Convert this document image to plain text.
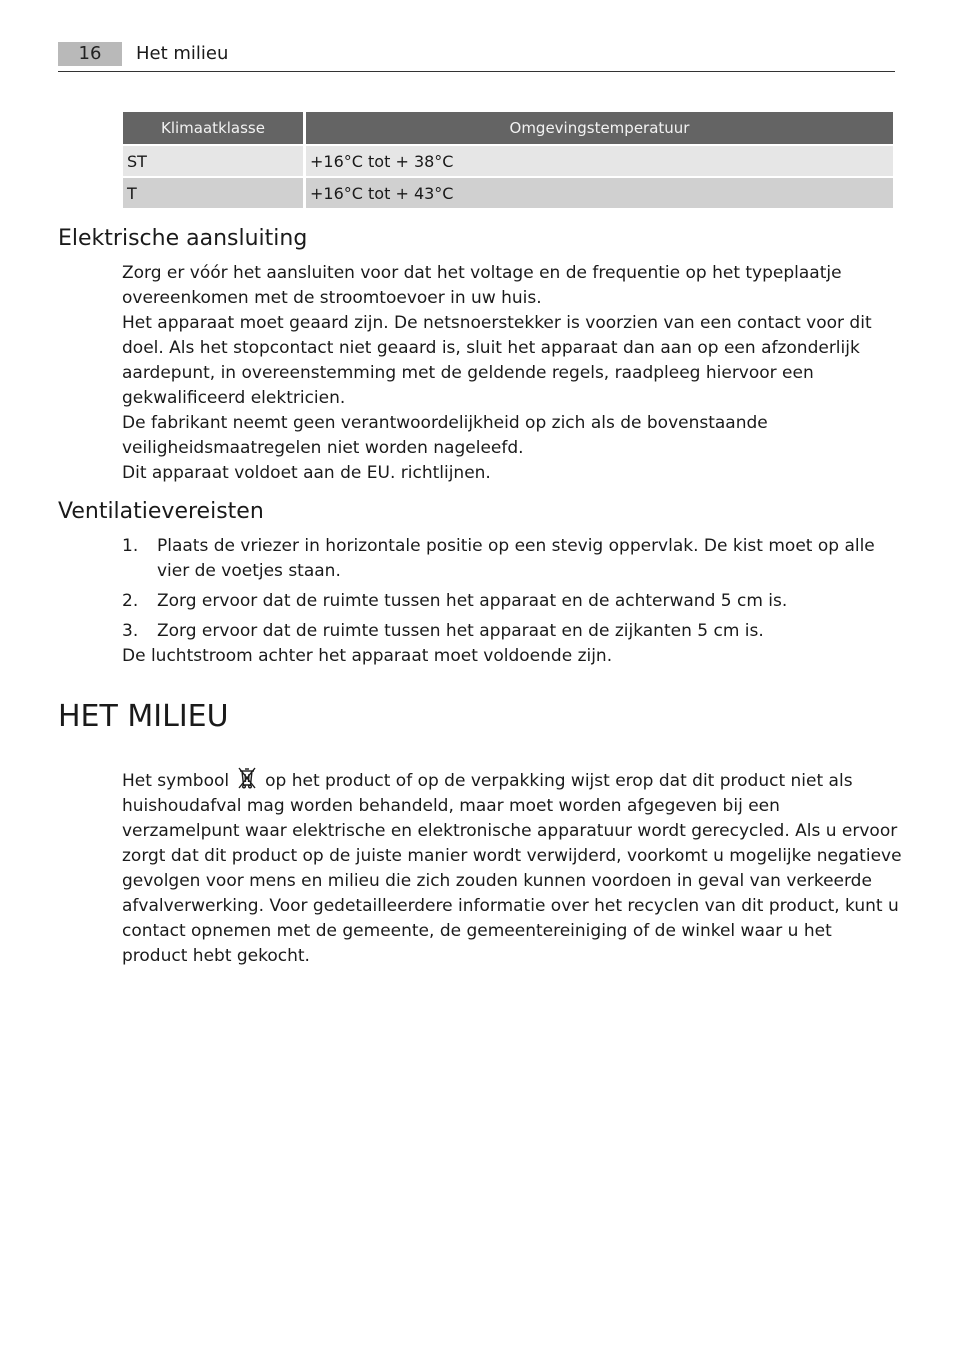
16	Het milieu
Klimaatklasse	Omgevingstemperatuur
ST	+16°C tot + 38°C
T	+16°C tot + 43°C
Elektrische aansluiting

Zorg er vóór het aansluiten voor dat het voltage en de frequentie op het typeplaatje overeenkomen met de stroomtoevoer in uw huis.

Het apparaat moet geaard zijn. De netsnoerstekker is voorzien van een contact voor dit doel. Als het stopcontact niet geaard is, sluit het apparaat dan aan op een afzonderlijk aardepunt, in overeenstemming met de geldende regels, raadpleeg hiervoor een gekwalificeerd elektricien.

De fabrikant neemt geen verantwoordelijkheid op zich als de bovenstaande veiligheidsmaatregelen niet worden nageleefd.

Dit apparaat voldoet aan de EU. richtlijnen.

Ventilatievereisten
1. Plaats de vriezer in horizontale positie op een stevig oppervlak. De kist moet op alle vier de voetjes staan.
2. Zorg ervoor dat de ruimte tussen het apparaat en de achterwand 5 cm is.
3. Zorg ervoor dat de ruimte tussen het apparaat en de zijkanten 5 cm is.
De luchtstroom achter het apparaat moet voldoende zijn.
HET MILIEU
Het symbool op het product of op de verpakking wijst erop dat dit product niet als huishoudafval mag worden behandeld, maar moet worden afgegeven bij een verzamelpunt waar elektrische en elektronische apparatuur wordt gerecycled. Als u ervoor zorgt dat dit product op de juiste manier wordt verwijderd, voorkomt u mogelijke negatieve gevolgen voor mens en milieu die zich zouden kunnen voordoen in geval van verkeerde afvalverwerking. Voor gedetailleerdere informatie over het recyclen van dit product, kunt u contact opnemen met de gemeente, de gemeentereiniging of de winkel waar u het product hebt gekocht.
